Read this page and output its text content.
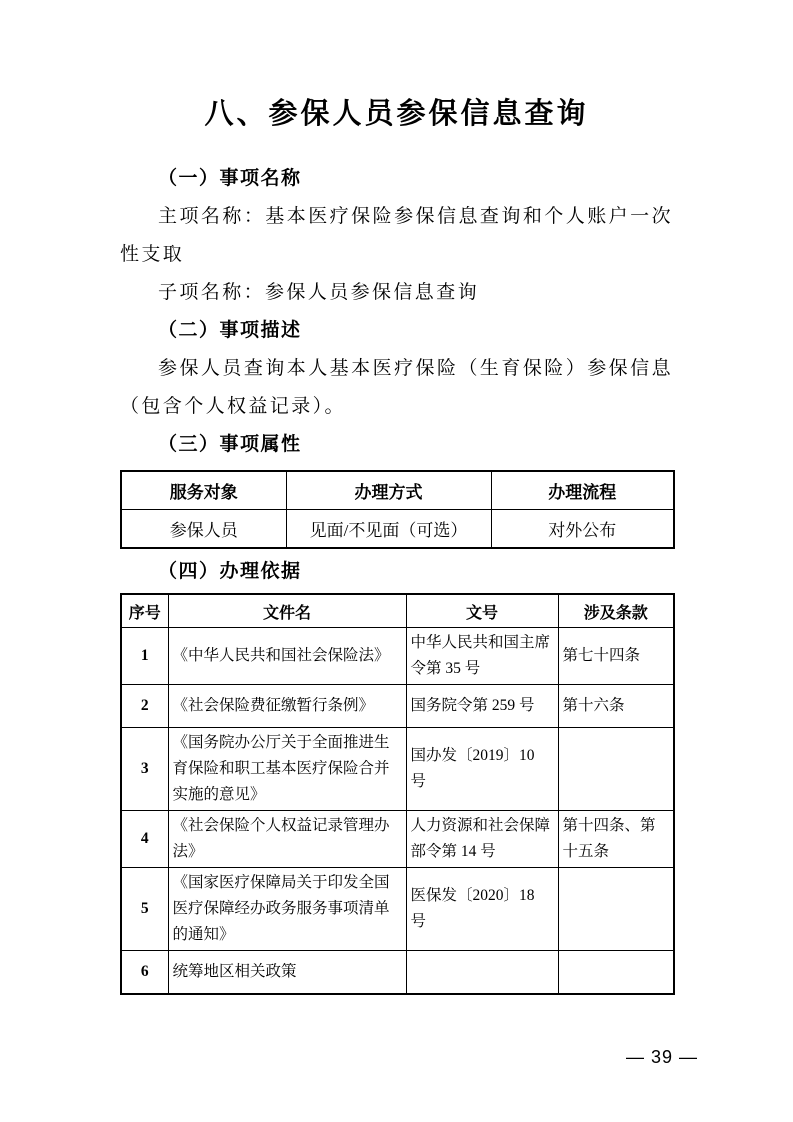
八、参保人员参保信息查询

（一）事项名称

主项名称：基本医疗保险参保信息查询和个人账户一次性支取

子项名称：参保人员参保信息查询

（二）事项描述

参保人员查询本人基本医疗保险（生育保险）参保信息（包含个人权益记录）。

（三）事项属性

服务对象	办理方式	办理流程
参保人员	见面/不见面（可选）	对外公布

（四）办理依据

序号	文件名	文号	涉及条款
1	《中华人民共和国社会保险法》	中华人民共和国主席令第 35 号	第七十四条
2	《社会保险费征缴暂行条例》	国务院令第 259 号	第十六条
3	《国务院办公厅关于全面推进生育保险和职工基本医疗保险合并实施的意见》	国办发〔2019〕10 号	
4	《社会保险个人权益记录管理办法》	人力资源和社会保障部令第 14 号	第十四条、第十五条
5	《国家医疗保障局关于印发全国医疗保障经办政务服务事项清单的通知》	医保发〔2020〕18 号	
6	统筹地区相关政策		
— 39 —
